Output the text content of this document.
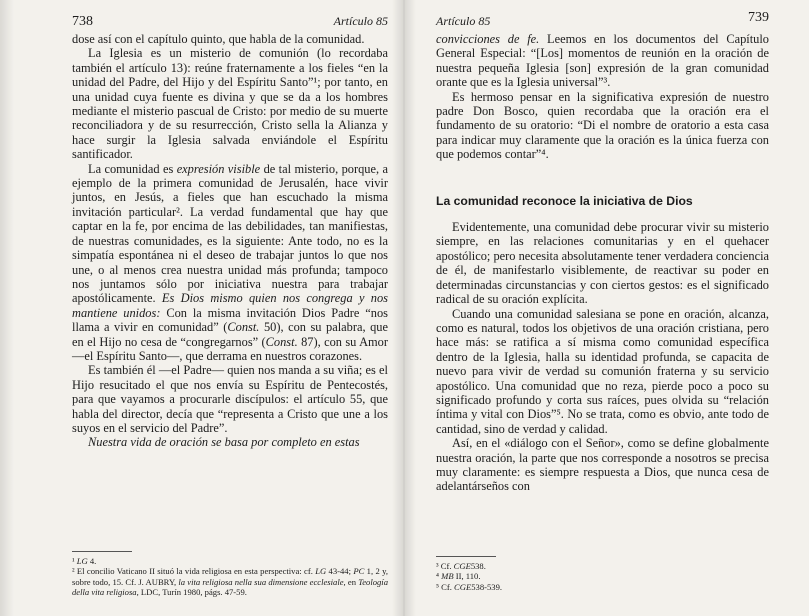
738	Artículo 85

dose así con el capítulo quinto, que habla de la comunidad.

La Iglesia es un misterio de comunión (lo recordaba también el artículo 13): reúne fraternamente a los fieles “en la unidad del Padre, del Hijo y del Espíritu Santo”¹; por tanto, en una unidad cuya fuente es divina y que se da a los hombres mediante el misterio pascual de Cristo: por medio de su muerte reconciliadora y de su resurrección, Cristo sella la Alianza y hace surgir la Iglesia salvada enviándole el Espíritu santificador.

La comunidad es expresión visible de tal misterio, porque, a ejemplo de la primera comunidad de Jerusalén, hace vivir juntos, en Jesús, a fieles que han escuchado la misma invitación particular². La verdad fundamental que hay que captar en la fe, por encima de las debilidades, tan manifiestas, de nuestras comunidades, es la siguiente: Ante todo, no es la simpatía espontánea ni el deseo de trabajar juntos lo que nos une, o al menos crea nuestra unidad más profunda; tampoco nos juntamos sólo por iniciativa nuestra para trabajar apostólicamente. Es Dios mismo quien nos congrega y nos mantiene unidos: Con la misma invitación Dios Padre “nos llama a vivir en comunidad” (Const. 50), con su palabra, que en el Hijo no cesa de “congregarnos” (Const. 87), con su Amor —el Espíritu Santo—, que derrama en nuestros corazones.

Es también él —el Padre— quien nos manda a su viña; es el Hijo resucitado el que nos envía su Espíritu de Pentecostés, para que vayamos a procurarle discípulos: el artículo 55, que habla del director, decía que “representa a Cristo que une a los suyos en el servicio del Padre”.

Nuestra vida de oración se basa por completo en estas

¹ LG 4.

² El concilio Vaticano II situó la vida religiosa en esta perspectiva: cf. LG 43-44; PC 1, 2 y, sobre todo, 15. Cf. J. AUBRY, la vita religiosa nella sua dimensione ecclesiale, en Teología della vita religiosa, LDC, Turín 1980, págs. 47-59.

Artículo 85	739

convicciones de fe. Leemos en los documentos del Capítulo General Especial: “[Los] momentos de reunión en la oración de nuestra pequeña Iglesia [son] expresión de la gran comunidad orante que es la Iglesia universal”³.

Es hermoso pensar en la significativa expresión de nuestro padre Don Bosco, quien recordaba que la oración era el fundamento de su oratorio: “Di el nombre de oratorio a esta casa para indicar muy claramente que la oración es la única fuerza con que podemos contar”⁴.

La comunidad reconoce la iniciativa de Dios

Evidentemente, una comunidad debe procurar vivir su misterio siempre, en las relaciones comunitarias y en el quehacer apostólico; pero necesita absolutamente tener verdadera conciencia de él, de manifestarlo visiblemente, de reactivar su poder en determinadas circunstancias y con ciertos gestos: es el significado radical de su oración explícita.

Cuando una comunidad salesiana se pone en oración, alcanza, como es natural, todos los objetivos de una oración cristiana, pero hace más: se ratifica a sí misma como comunidad específica dentro de la Iglesia, halla su identidad profunda, se capacita de nuevo para vivir de verdad su comunión fraterna y su servicio apostólico. Una comunidad que no reza, pierde poco a poco su significado profundo y corta sus raíces, pues olvida su “relación íntima y vital con Dios”⁵. No se trata, como es obvio, ante todo de cantidad, sino de verdad y calidad.

Así, en el «diálogo con el Señor», como se define globalmente nuestra oración, la parte que nos corresponde a nosotros se precisa muy claramente: es siempre respuesta a Dios, que nunca cesa de adelantárseños con

³ Cf. CGE538.

⁴ MB II, 110.

⁵ Cf. CGE538-539.
